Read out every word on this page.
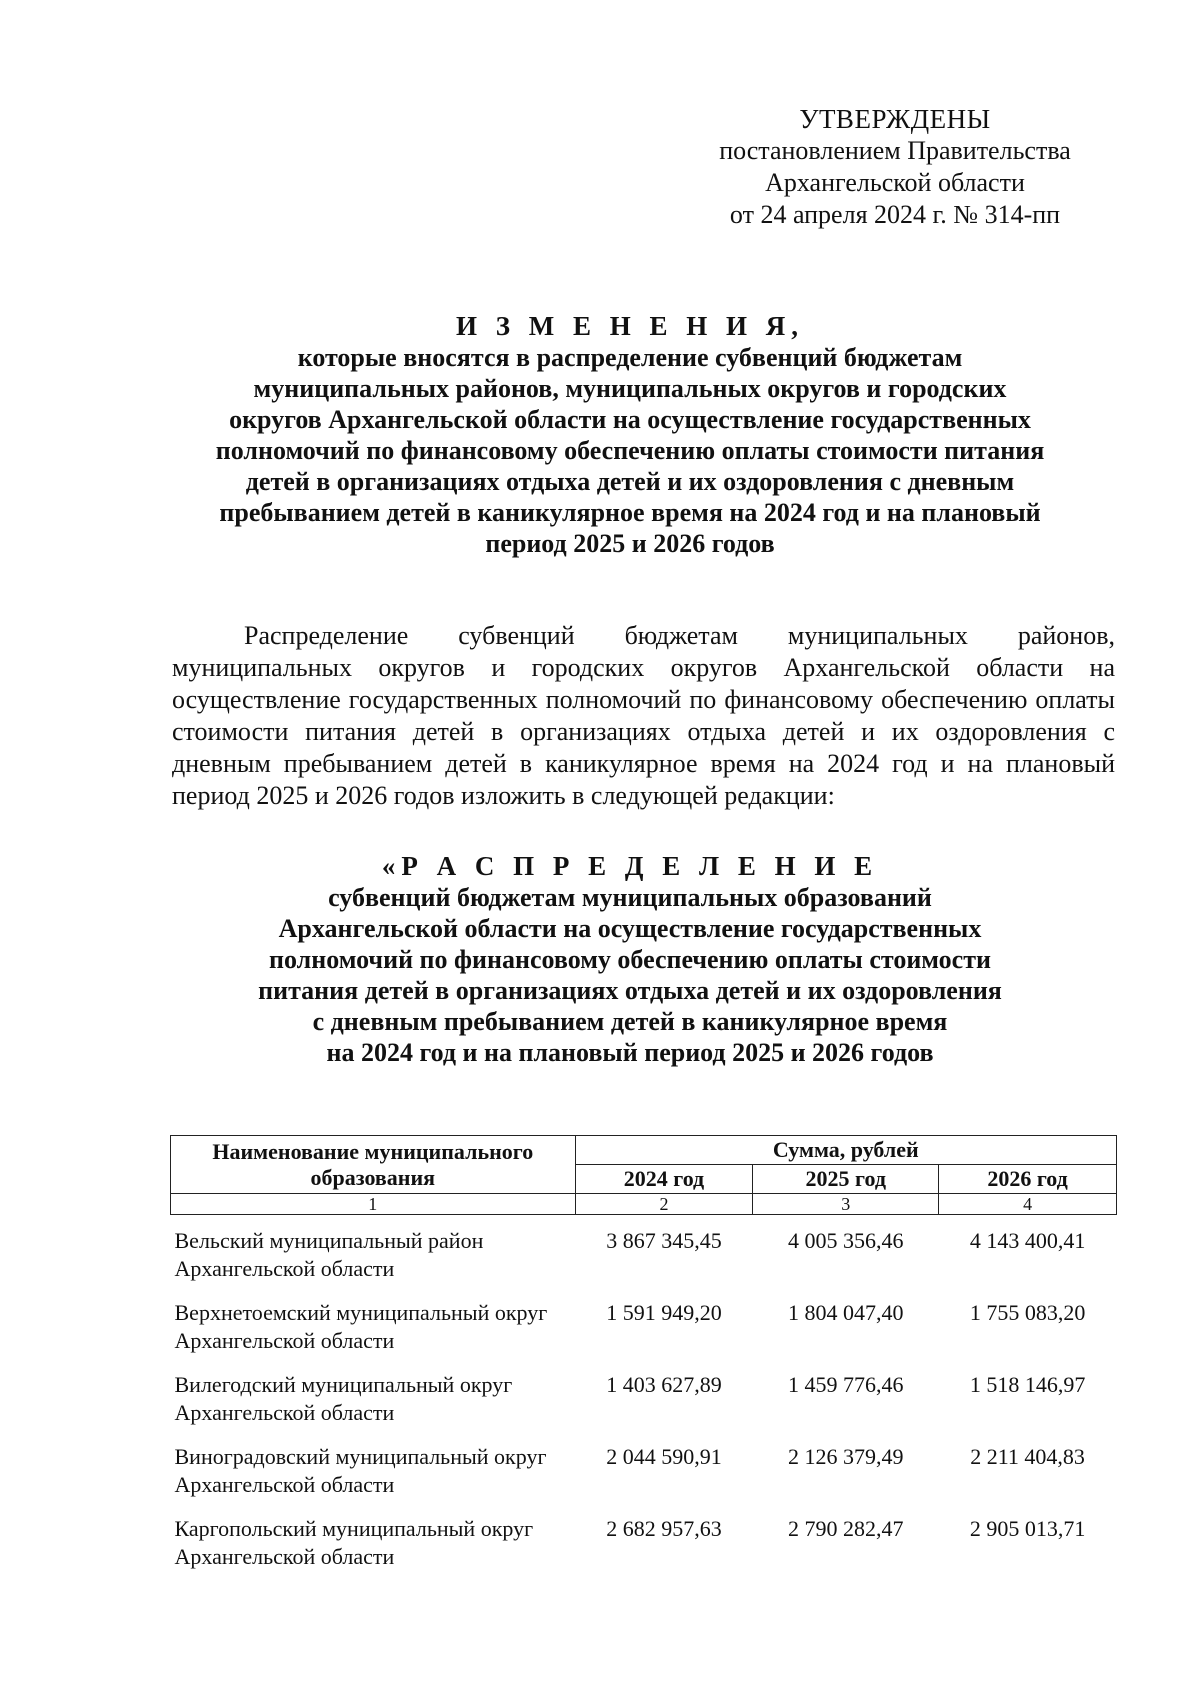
УТВЕРЖДЕНЫ
постановлением Правительства
Архангельской области
от 24 апреля 2024 г. № 314-пп
И З М Е Н Е Н И Я,
которые вносятся в распределение субвенций бюджетам
муниципальных районов, муниципальных округов и городских
округов Архангельской области на осуществление государственных
полномочий по финансовому обеспечению оплаты стоимости питания
детей в организациях отдыха детей и их оздоровления с дневным
пребыванием детей в каникулярное время на 2024 год и на плановый
период 2025 и 2026 годов

Распределение субвенций бюджетам муниципальных районов, муниципальных округов и городских округов Архангельской области на осуществление государственных полномочий по финансовому обеспечению оплаты стоимости питания детей в организациях отдыха детей и их оздоровления с дневным пребыванием детей в каникулярное время на 2024 год и на плановый период 2025 и 2026 годов изложить в следующей редакции:

«Р А С П Р Е Д Е Л Е Н И Е
субвенций бюджетам муниципальных образований
Архангельской области на осуществление государственных
полномочий по финансовому обеспечению оплаты стоимости
питания детей в организациях отдыха детей и их оздоровления
с дневным пребыванием детей в каникулярное время
на 2024 год и на плановый период 2025 и 2026 годов
Наименование муниципального образования	Сумма, рублей		
	2024 год	2025 год	2026 год
1	2	3	4
Вельский муниципальный район Архангельской области	3 867 345,45	4 005 356,46	4 143 400,41
Верхнетоемский муниципальный округ Архангельской области	1 591 949,20	1 804 047,40	1 755 083,20
Вилегодский муниципальный округ Архангельской области	1 403 627,89	1 459 776,46	1 518 146,97
Виноградовский муниципальный округ Архангельской области	2 044 590,91	2 126 379,49	2 211 404,83
Каргопольский муниципальный округ Архангельской области	2 682 957,63	2 790 282,47	2 905 013,71
